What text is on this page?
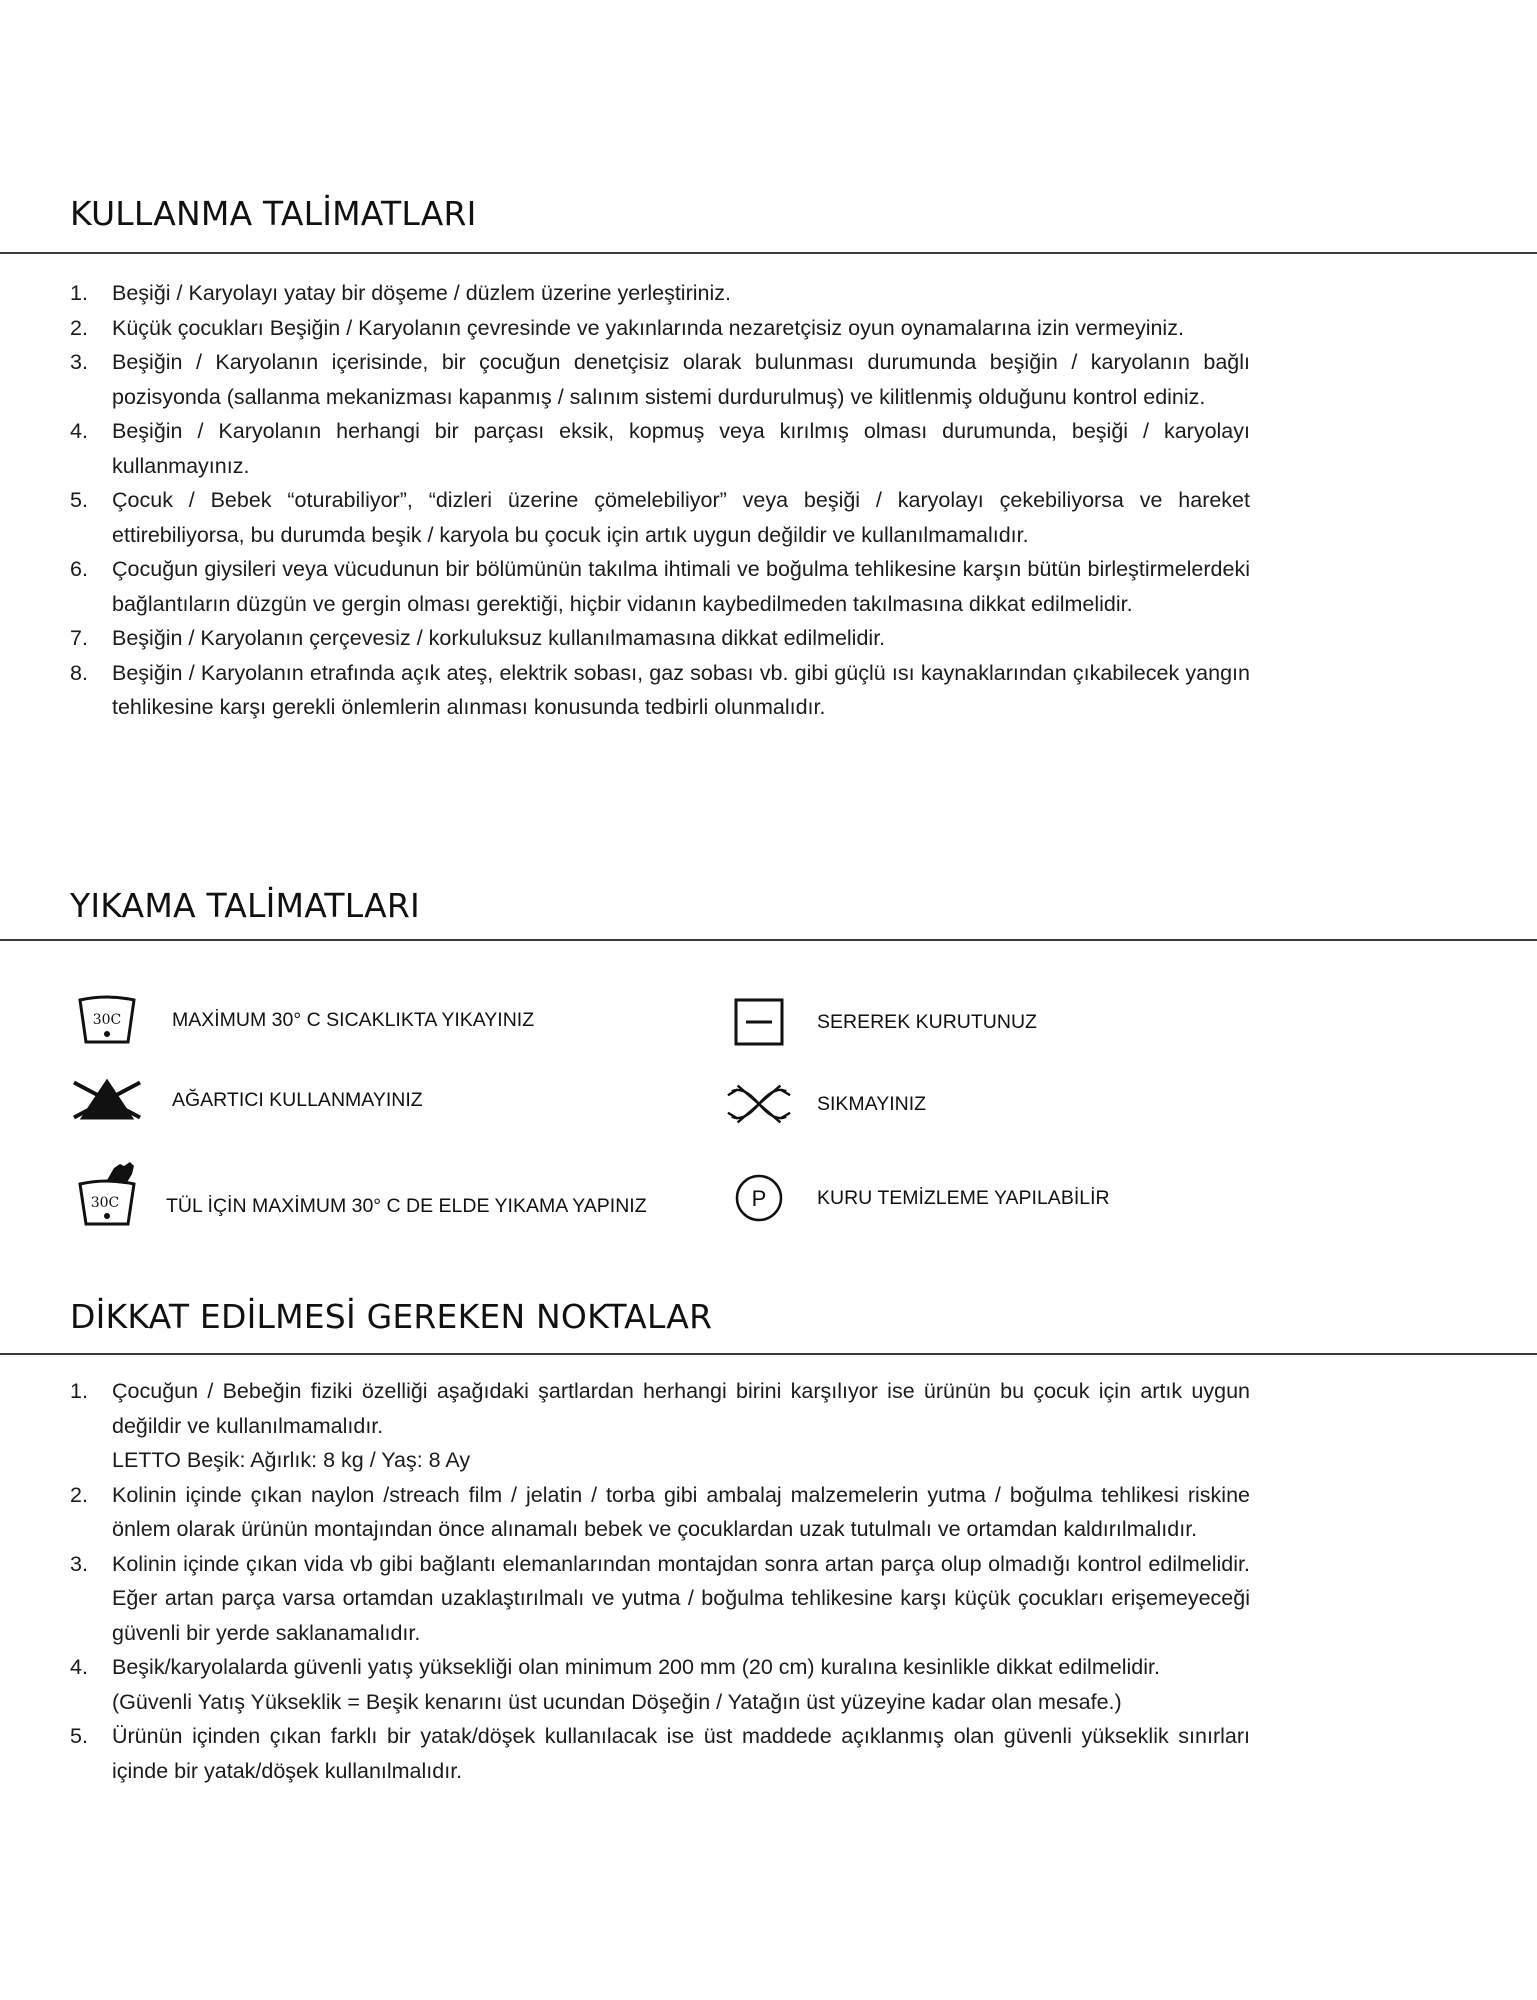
KULLANMA TALİMATLARI
1. Beşiği / Karyolayı yatay bir döşeme / düzlem üzerine yerleştiriniz.
2. Küçük çocukları Beşiğin / Karyolanın çevresinde ve yakınlarında nezaretçisiz oyun oynamalarına izin vermeyiniz.
3. Beşiğin / Karyolanın içerisinde, bir çocuğun denetçisiz olarak bulunması durumunda beşiğin / karyolanın bağlı pozisyonda (sallanma mekanizması kapanmış / salınım sistemi durdurulmuş) ve kilitlenmiş olduğunu kontrol ediniz.
4. Beşiğin / Karyolanın herhangi bir parçası eksik, kopmuş veya kırılmış olması durumunda, beşiği / karyolayı kullanmayınız.
5. Çocuk / Bebek “oturabiliyor”, “dizleri üzerine çömelebiliyor” veya beşiği / karyolayı çekebiliyorsa ve hareket ettirebiliyorsa, bu durumda beşik / karyola bu çocuk için artık uygun değildir ve kullanılmamalıdır.
6. Çocuğun giysileri veya vücudunun bir bölümünün takılma ihtimali ve boğulma tehlikesine karşın bütün birleştirmelerdeki bağlantıların düzgün ve gergin olması gerektiği, hiçbir vidanın kaybedilmeden takılmasına dikkat edilmelidir.
7. Beşiğin / Karyolanın çerçevesiz / korkuluksuz kullanılmamasına dikkat edilmelidir.
8. Beşiğin / Karyolanın etrafında açık ateş, elektrik sobası, gaz sobası vb. gibi güçlü ısı kaynaklarından çıkabilecek yangın tehlikesine karşı gerekli önlemlerin alınması konusunda tedbirli olunmalıdır.
YIKAMA TALİMATLARI
30C	MAXİMUM 30° C SICAKLIKTA YIKAYINIZ	SEREREK KURUTUNUZ
AĞARTICI KULLANMAYINIZ	SIKMAYINIZ
30C TÜL İÇİN MAXİMUM 30° C DE ELDE YIKAMA YAPINIZ	P	KURU TEMİZLEME YAPILABİLİR
DİKKAT EDİLMESİ GEREKEN NOKTALAR
1. Çocuğun / Bebeğin fiziki özelliği aşağıdaki şartlardan herhangi birini karşılıyor ise ürünün bu çocuk için artık uygun değildir ve kullanılmamalıdır.
LETTO Beşik: Ağırlık: 8 kg / Yaş: 8 Ay
2. Kolinin içinde çıkan naylon /streach film / jelatin / torba gibi ambalaj malzemelerin yutma / boğulma tehlikesi riskine önlem olarak ürünün montajından önce alınamalı bebek ve çocuklardan uzak tutulmalı ve ortamdan kaldırılmalıdır.
3. Kolinin içinde çıkan vida vb gibi bağlantı elemanlarından montajdan sonra artan parça olup olmadığı kontrol edilmelidir. Eğer artan parça varsa ortamdan uzaklaştırılmalı ve yutma / boğulma tehlikesine karşı küçük çocukları erişemeyeceği güvenli bir yerde saklanamalıdır.
4. Beşik/karyolalarda güvenli yatış yüksekliği olan minimum 200 mm (20 cm) kuralına kesinlikle dikkat edilmelidir.
(Güvenli Yatış Yükseklik = Beşik kenarını üst ucundan Döşeğin / Yatağın üst yüzeyine kadar olan mesafe.)
5. Ürünün içinden çıkan farklı bir yatak/döşek kullanılacak ise üst maddede açıklanmış olan güvenli yükseklik sınırları içinde bir yatak/döşek kullanılmalıdır.
